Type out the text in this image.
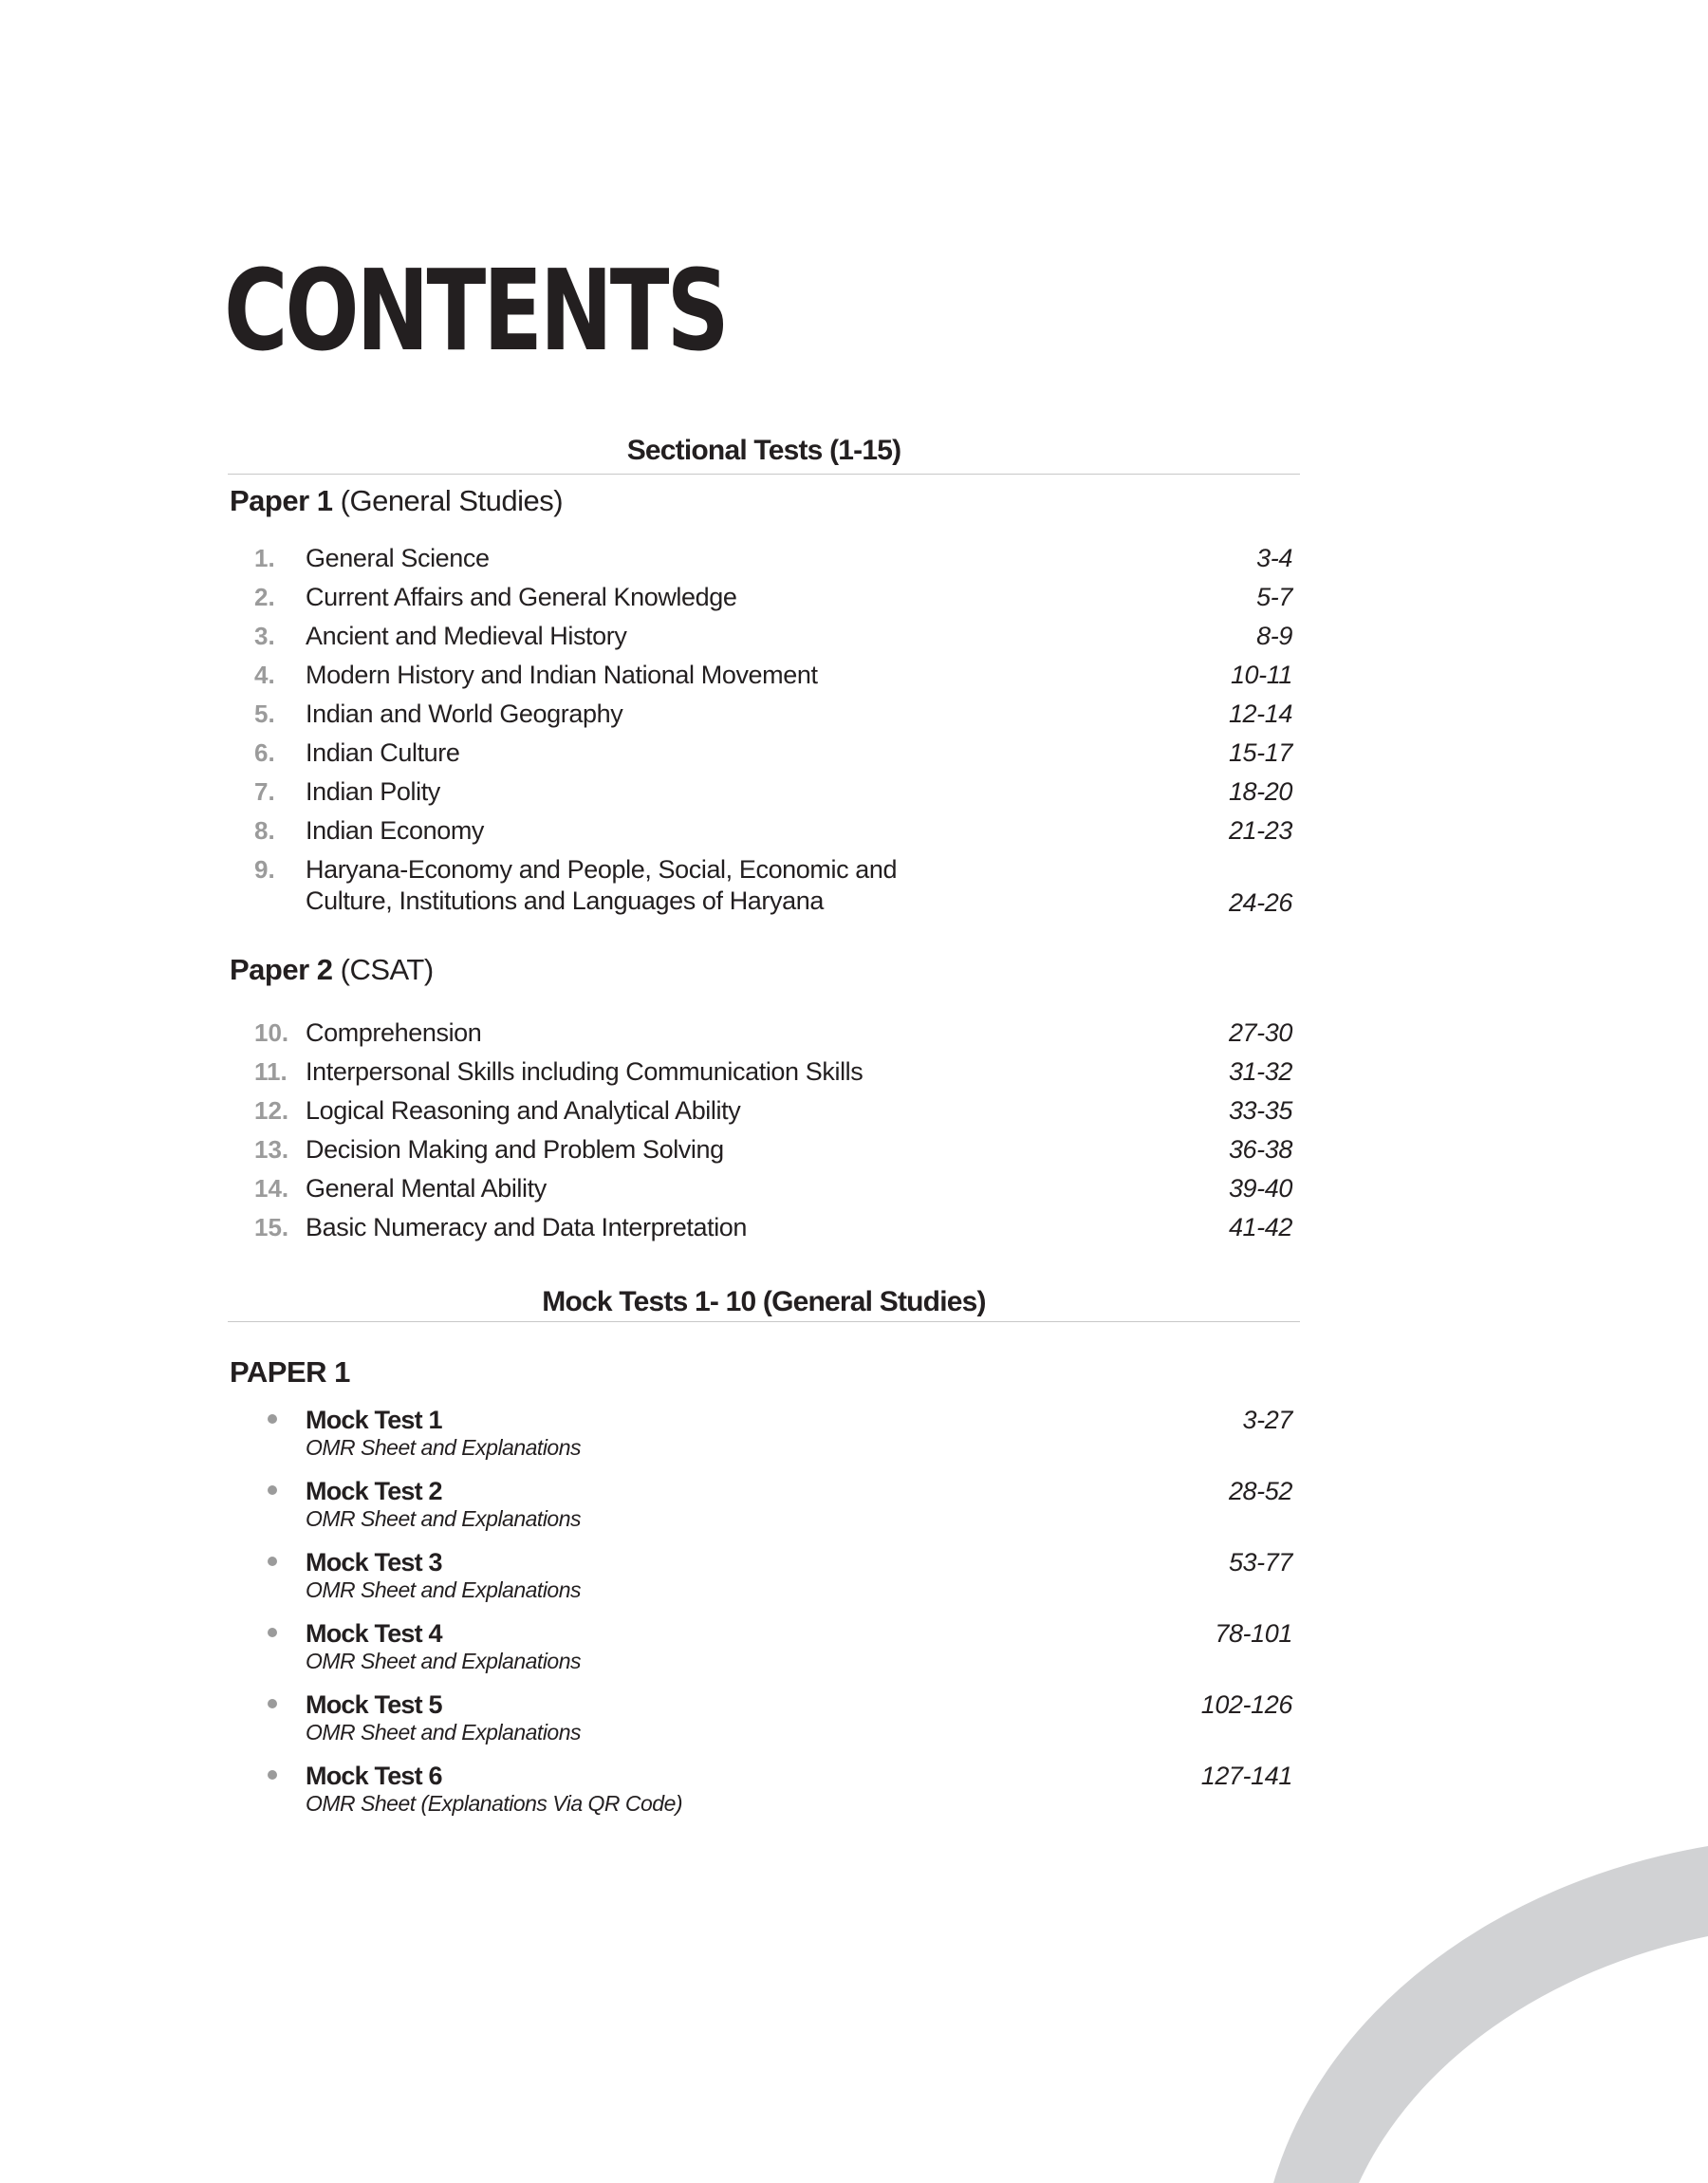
CONTENTS
Sectional Tests (1-15)
Paper 1 (General Studies)
1.	General Science	3-4
2.	Current Affairs and General Knowledge	5-7
3.	Ancient and Medieval History	8-9
4.	Modern History and Indian National Movement	10-11
5.	Indian and World Geography	12-14
6.	Indian Culture	15-17
7.	Indian Polity	18-20
8.	Indian Economy	21-23
9.	Haryana-Economy and People, Social, Economic and
Culture, Institutions and Languages of Haryana	24-26
Paper 2 (CSAT)
10. Comprehension	27-30
11. Interpersonal Skills including Communication Skills	31-32
12. Logical Reasoning and Analytical Ability	33-35
13. Decision Making and Problem Solving	36-38
14. General Mental Ability	39-40
15. Basic Numeracy and Data Interpretation	41-42
Mock Tests 1- 10 (General Studies)
PAPER 1
Mock Test 1
OMR Sheet and Explanations
3-27
Mock Test 2
OMR Sheet and Explanations
28-52
Mock Test 3
OMR Sheet and Explanations
53-77
Mock Test 4
OMR Sheet and Explanations
78-101
Mock Test 5
OMR Sheet and Explanations
102-126
Mock Test 6
OMR Sheet (Explanations Via QR Code)
127-141
